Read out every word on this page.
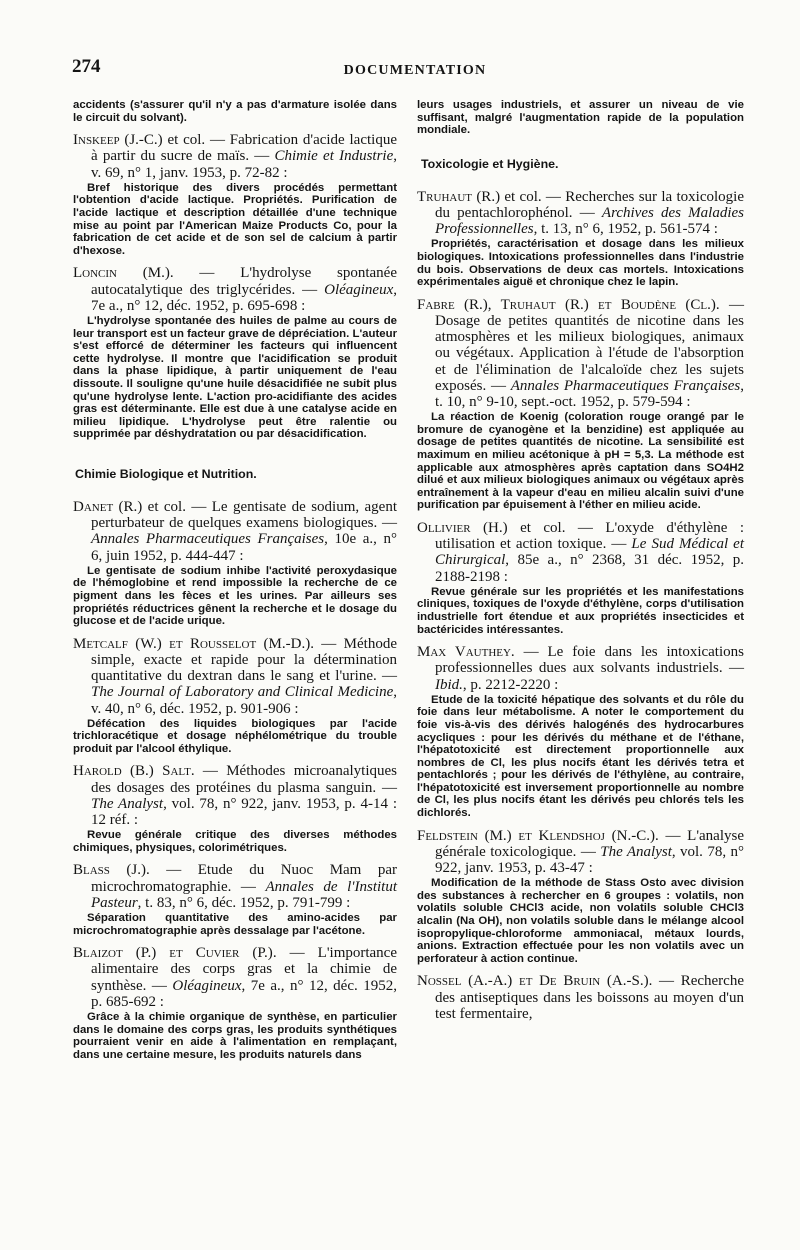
274	DOCUMENTATION

accidents (s'assurer qu'il n'y a pas d'armature isolée dans le circuit du solvant).

Inskeep (J.-C.) et col. — Fabrication d'acide lactique à partir du sucre de maïs. — Chimie et Industrie, v. 69, n° 1, janv. 1953, p. 72-82 :

Bref historique des divers procédés permettant l'obtention d'acide lactique. Propriétés. Purification de l'acide lactique et description détaillée d'une technique mise au point par l'American Maize Products Co, pour la fabrication de cet acide et de son sel de calcium à partir d'hexose.

Loncin (M.). — L'hydrolyse spontanée autocatalytique des triglycérides. — Oléagineux, 7e a., n° 12, déc. 1952, p. 695-698 :

L'hydrolyse spontanée des huiles de palme au cours de leur transport est un facteur grave de dépréciation. L'auteur s'est efforcé de déterminer les facteurs qui influencent cette hydrolyse. Il montre que l'acidification se produit dans la phase lipidique, à partir uniquement de l'eau dissoute. Il souligne qu'une huile désacidifiée ne subit plus qu'une hydrolyse lente. L'action pro-acidifiante des acides gras est déterminante. Elle est due à une catalyse acide en milieu lipidique. L'hydrolyse peut être ralentie ou supprimée par déshydratation ou par désacidification.

Chimie Biologique et Nutrition.

Danet (R.) et col. — Le gentisate de sodium, agent perturbateur de quelques examens biologiques. — Annales Pharmaceutiques Françaises, 10e a., n° 6, juin 1952, p. 444-447 :

Le gentisate de sodium inhibe l'activité peroxydasique de l'hémoglobine et rend impossible la recherche de ce pigment dans les fèces et les urines. Par ailleurs ses propriétés réductrices gênent la recherche et le dosage du glucose et de l'acide urique.

Metcalf (W.) et Rousselot (M.-D.). — Méthode simple, exacte et rapide pour la détermination quantitative du dextran dans le sang et l'urine. — The Journal of Laboratory and Clinical Medicine, v. 40, n° 6, déc. 1952, p. 901-906 :

Défécation des liquides biologiques par l'acide trichloracétique et dosage néphélométrique du trouble produit par l'alcool éthylique.

Harold (B.) Salt. — Méthodes microanalytiques des dosages des protéines du plasma sanguin. — The Analyst, vol. 78, n° 922, janv. 1953, p. 4-14 : 12 réf. :

Revue générale critique des diverses méthodes chimiques, physiques, colorimétriques.

Blass (J.). — Etude du Nuoc Mam par microchromatographie. — Annales de l'Institut Pasteur, t. 83, n° 6, déc. 1952, p. 791-799 :

Séparation quantitative des amino-acides par microchromatographie après dessalage par l'acétone.

Blaizot (P.) et Cuvier (P.). — L'importance alimentaire des corps gras et la chimie de synthèse. — Oléagineux, 7e a., n° 12, déc. 1952, p. 685-692 :

Grâce à la chimie organique de synthèse, en particulier dans le domaine des corps gras, les produits synthétiques pourraient venir en aide à l'alimentation en remplaçant, dans une certaine mesure, les produits naturels dans

leurs usages industriels, et assurer un niveau de vie suffisant, malgré l'augmentation rapide de la population mondiale.

Toxicologie et Hygiène.

Truhaut (R.) et col. — Recherches sur la toxicologie du pentachlorophénol. — Archives des Maladies Professionnelles, t. 13, n° 6, 1952, p. 561-574 :

Propriétés, caractérisation et dosage dans les milieux biologiques. Intoxications professionnelles dans l'industrie du bois. Observations de deux cas mortels. Intoxications expérimentales aiguë et chronique chez le lapin.

Fabre (R.), Truhaut (R.) et Boudène (Cl.). — Dosage de petites quantités de nicotine dans les atmosphères et les milieux biologiques, animaux ou végétaux. Application à l'étude de l'absorption et de l'élimination de l'alcaloïde chez les sujets exposés. — Annales Pharmaceutiques Françaises, t. 10, n° 9-10, sept.-oct. 1952, p. 579-594 :

La réaction de Koenig (coloration rouge orangé par le bromure de cyanogène et la benzidine) est appliquée au dosage de petites quantités de nicotine. La sensibilité est maximum en milieu acétonique à pH = 5,3. La méthode est applicable aux atmosphères après captation dans SO4H2 dilué et aux milieux biologiques animaux ou végétaux après entraînement à la vapeur d'eau en milieu alcalin suivi d'une purification par épuisement à l'éther en milieu acide.

Ollivier (H.) et col. — L'oxyde d'éthylène : utilisation et action toxique. — Le Sud Médical et Chirurgical, 85e a., n° 2368, 31 déc. 1952, p. 2188-2198 :

Revue générale sur les propriétés et les manifestations cliniques, toxiques de l'oxyde d'éthylène, corps d'utilisation industrielle fort étendue et aux propriétés insecticides et bactéricides intéressantes.

Max Vauthey. — Le foie dans les intoxications professionnelles dues aux solvants industriels. — Ibid., p. 2212-2220 :

Etude de la toxicité hépatique des solvants et du rôle du foie dans leur métabolisme. A noter le comportement du foie vis-à-vis des dérivés halogénés des hydrocarbures acycliques : pour les dérivés du méthane et de l'éthane, l'hépatotoxicité est directement proportionnelle aux nombres de Cl, les plus nocifs étant les dérivés tetra et pentachlorés ; pour les dérivés de l'éthylène, au contraire, l'hépatotoxicité est inversement proportionnelle au nombre de Cl, les plus nocifs étant les dérivés peu chlorés tels les dichlorés.

Feldstein (M.) et Klendshoj (N.-C.). — L'analyse générale toxicologique. — The Analyst, vol. 78, n° 922, janv. 1953, p. 43-47 :

Modification de la méthode de Stass Osto avec division des substances à rechercher en 6 groupes : volatils, non volatils soluble CHCl3 acide, non volatils soluble CHCl3 alcalin (Na OH), non volatils soluble dans le mélange alcool isopropylique-chloroforme ammoniacal, métaux lourds, anions. Extraction effectuée pour les non volatils avec un perforateur à action continue.

Nossel (A.-A.) et De Bruin (A.-S.). — Recherche des antiseptiques dans les boissons au moyen d'un test fermentaire,
